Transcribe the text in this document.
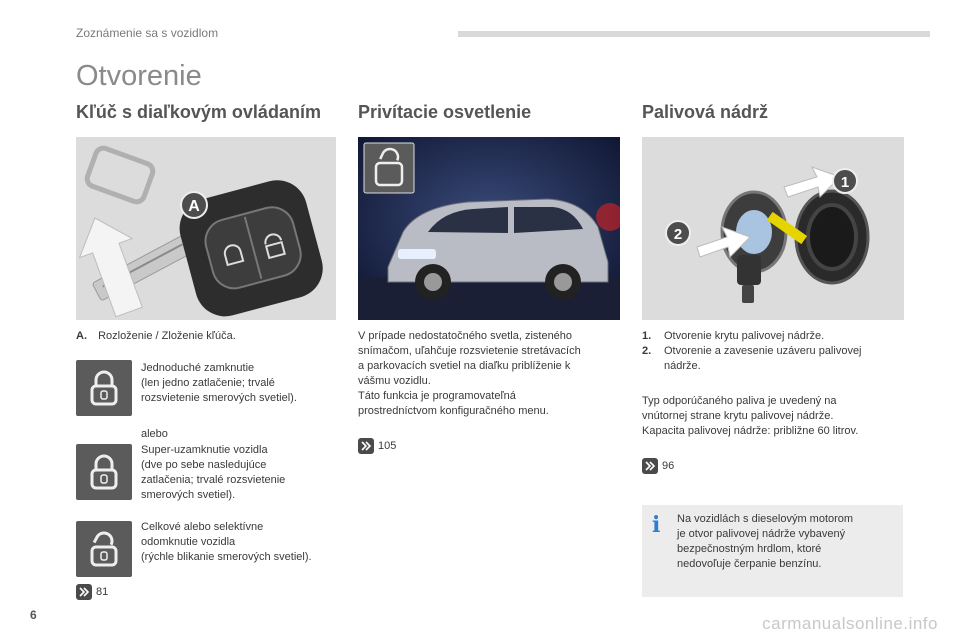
Zoznámenie sa s vozidlom
Otvorenie
Kľúč s diaľkovým ovládaním Privítacie osvetlenie	Palivová nádrž
A
1
2
A. Rozloženie / Zloženie kľúča.
Jednoduché zamknutie
(len jedno zatlačenie; trvalé
rozsvietenie smerových svetiel).
alebo
Super-uzamknutie vozidla
(dve po sebe nasledujúce
zatlačenia; trvalé rozsvietenie
smerových svetiel).
Celkové alebo selektívne
odomknutie vozidla
(rýchle blikanie smerových svetiel).
81
V prípade nedostatočného svetla, zisteného
snímačom, uľahčuje rozsvietenie stretávacích
a parkovacích svetiel na diaľku priblíženie k
vášmu vozidlu.
Táto funkcia je programovateľná
prostredníctvom konfiguračného menu.
105
1.	Otvorenie krytu palivovej nádrže.
2.	Otvorenie a zavesenie uzáveru palivovej
nádrže.
Typ odporúčaného paliva je uvedený na
vnútornej strane krytu palivovej nádrže.
Kapacita palivovej nádrže: približne 60 litrov.
96
i Na vozidlách s dieselovým motorom
je otvor palivovej nádrže vybavený
bezpečnostným hrdlom, ktoré
nedovoľuje čerpanie benzínu.
6	carmanualsonline.info
